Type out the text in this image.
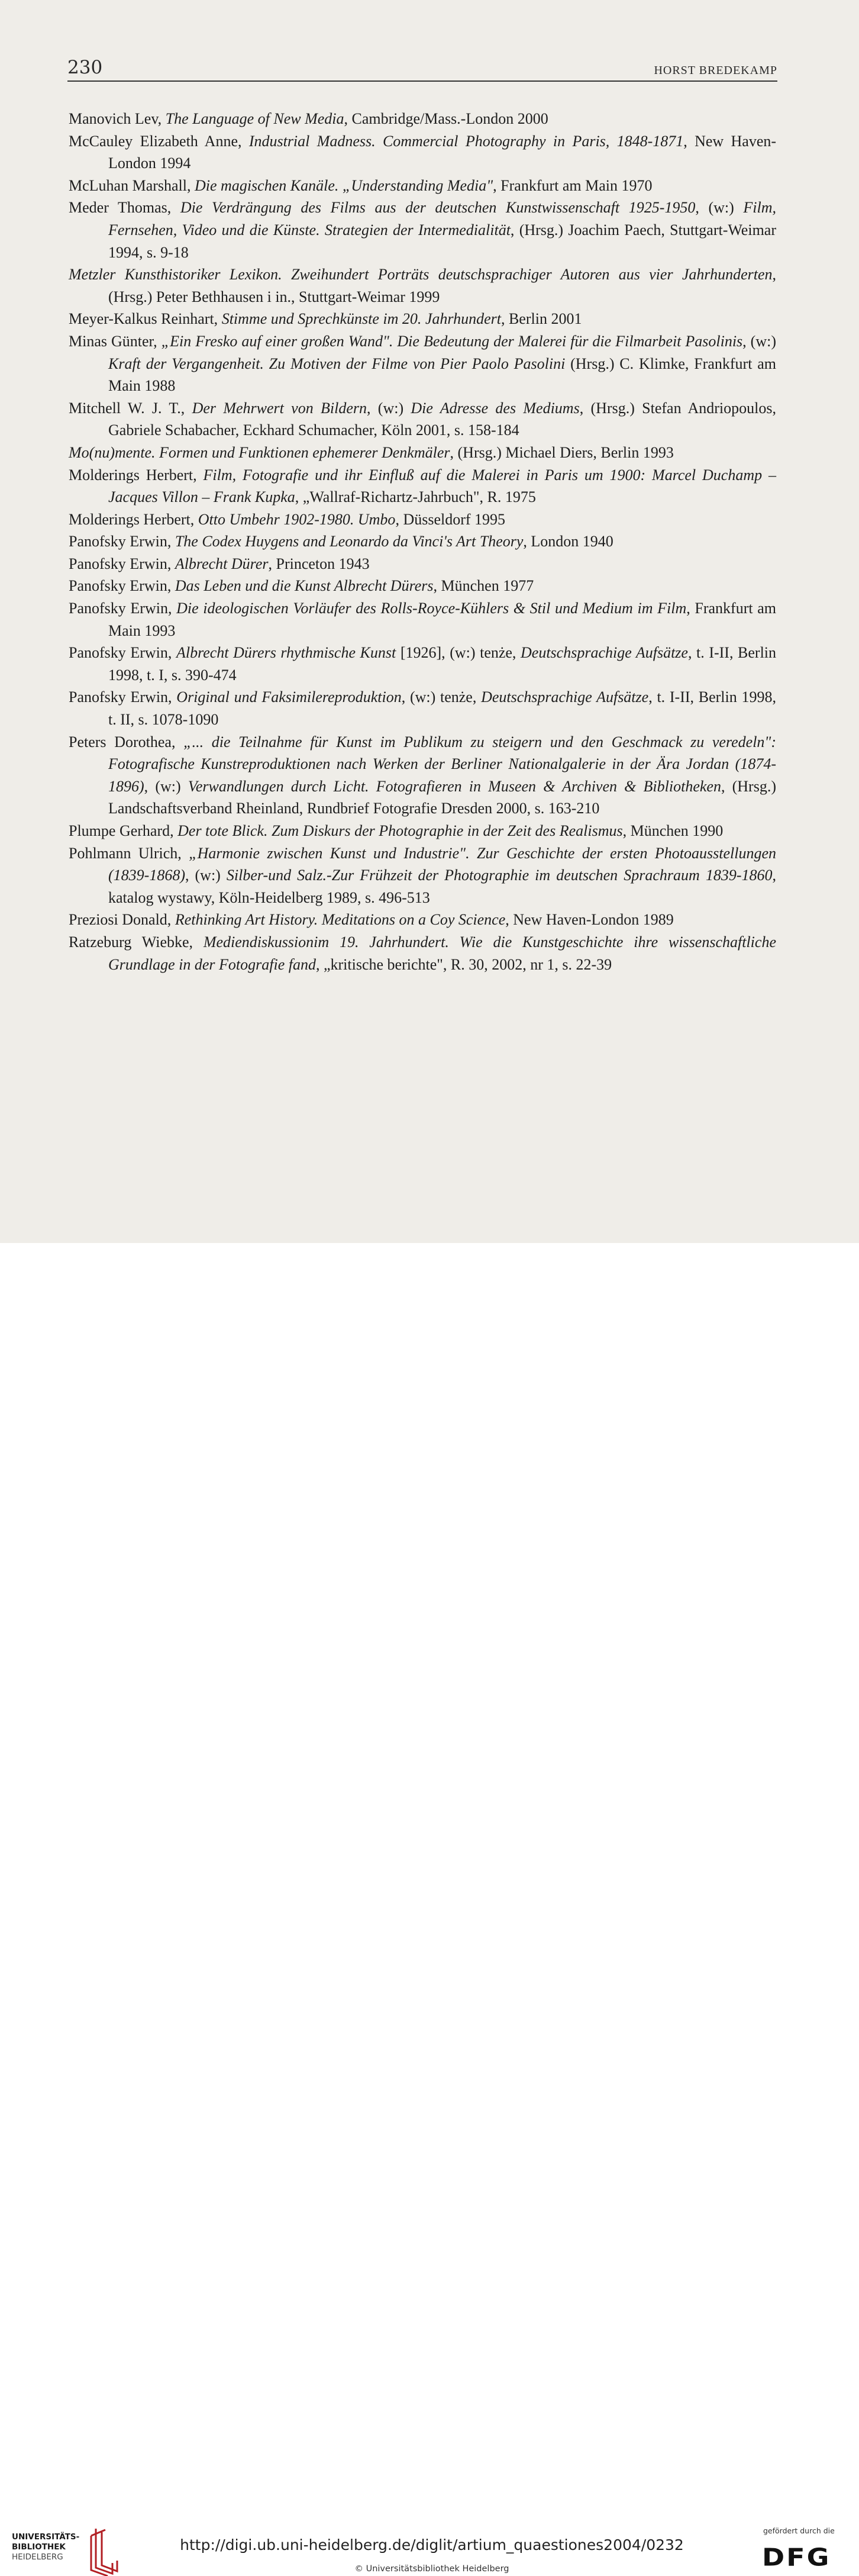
230	HORST BREDEKAMP

Manovich Lev, The Language of New Media, Cambridge/Mass.-London 2000

McCauley Elizabeth Anne, Industrial Madness. Commercial Photography in Paris, 1848-1871, New Haven-London 1994

McLuhan Marshall, Die magischen Kanäle. „Understanding Media", Frankfurt am Main 1970

Meder Thomas, Die Verdrängung des Films aus der deutschen Kunstwissenschaft 1925-1950, (w:) Film, Fernsehen, Video und die Künste. Strategien der Intermedialität, (Hrsg.) Joachim Paech, Stuttgart-Weimar 1994, s. 9-18

Metzler Kunsthistoriker Lexikon. Zweihundert Porträts deutschsprachiger Autoren aus vier Jahrhunderten, (Hrsg.) Peter Bethhausen i in., Stuttgart-Weimar 1999

Meyer-Kalkus Reinhart, Stimme und Sprechkünste im 20. Jahrhundert, Berlin 2001

Minas Günter, „Ein Fresko auf einer großen Wand". Die Bedeutung der Malerei für die Filmarbeit Pasolinis, (w:) Kraft der Vergangenheit. Zu Motiven der Filme von Pier Paolo Pasolini (Hrsg.) C. Klimke, Frankfurt am Main 1988

Mitchell W. J. T., Der Mehrwert von Bildern, (w:) Die Adresse des Mediums, (Hrsg.) Stefan Andriopoulos, Gabriele Schabacher, Eckhard Schumacher, Köln 2001, s. 158-184

Mo(nu)mente. Formen und Funktionen ephemerer Denkmäler, (Hrsg.) Michael Diers, Berlin 1993

Molderings Herbert, Film, Fotografie und ihr Einfluß auf die Malerei in Paris um 1900: Marcel Duchamp – Jacques Villon – Frank Kupka, „Wallraf-Richartz-Jahrbuch", R. 1975

Molderings Herbert, Otto Umbehr 1902-1980. Umbo, Düsseldorf 1995

Panofsky Erwin, The Codex Huygens and Leonardo da Vinci's Art Theory, London 1940

Panofsky Erwin, Albrecht Dürer, Princeton 1943

Panofsky Erwin, Das Leben und die Kunst Albrecht Dürers, München 1977

Panofsky Erwin, Die ideologischen Vorläufer des Rolls-Royce-Kühlers & Stil und Medium im Film, Frankfurt am Main 1993

Panofsky Erwin, Albrecht Dürers rhythmische Kunst [1926], (w:) tenże, Deutschsprachige Aufsätze, t. I-II, Berlin 1998, t. I, s. 390-474

Panofsky Erwin, Original und Faksimilereproduktion, (w:) tenże, Deutschsprachige Aufsätze, t. I-II, Berlin 1998, t. II, s. 1078-1090

Peters Dorothea, „... die Teilnahme für Kunst im Publikum zu steigern und den Geschmack zu veredeln": Fotografische Kunstreproduktionen nach Werken der Berliner Nationalgalerie in der Ära Jordan (1874-1896), (w:) Verwandlungen durch Licht. Fotografieren in Museen & Archiven & Bibliotheken, (Hrsg.) Landschaftsverband Rheinland, Rundbrief Fotografie Dresden 2000, s. 163-210

Plumpe Gerhard, Der tote Blick. Zum Diskurs der Photographie in der Zeit des Realismus, München 1990

Pohlmann Ulrich, „Harmonie zwischen Kunst und Industrie". Zur Geschichte der ersten Photoausstellungen (1839-1868), (w:) Silber-und Salz.-Zur Frühzeit der Photographie im deutschen Sprachraum 1839-1860, katalog wystawy, Köln-Heidelberg 1989, s. 496-513

Preziosi Donald, Rethinking Art History. Meditations on a Coy Science, New Haven-London 1989

Ratzeburg Wiebke, Mediendiskussionim 19. Jahrhundert. Wie die Kunstgeschichte ihre wissenschaftliche Grundlage in der Fotografie fand, „kritische berichte", R. 30, 2002, nr 1, s. 22-39

UNIVERSITÄTS-
BIBLIOTHEK
HEIDELBERG
http://digi.ub.uni-heidelberg.de/diglit/artium_quaestiones2004/0232
© Universitätsbibliothek Heidelberg
gefördert durch die
DFG
